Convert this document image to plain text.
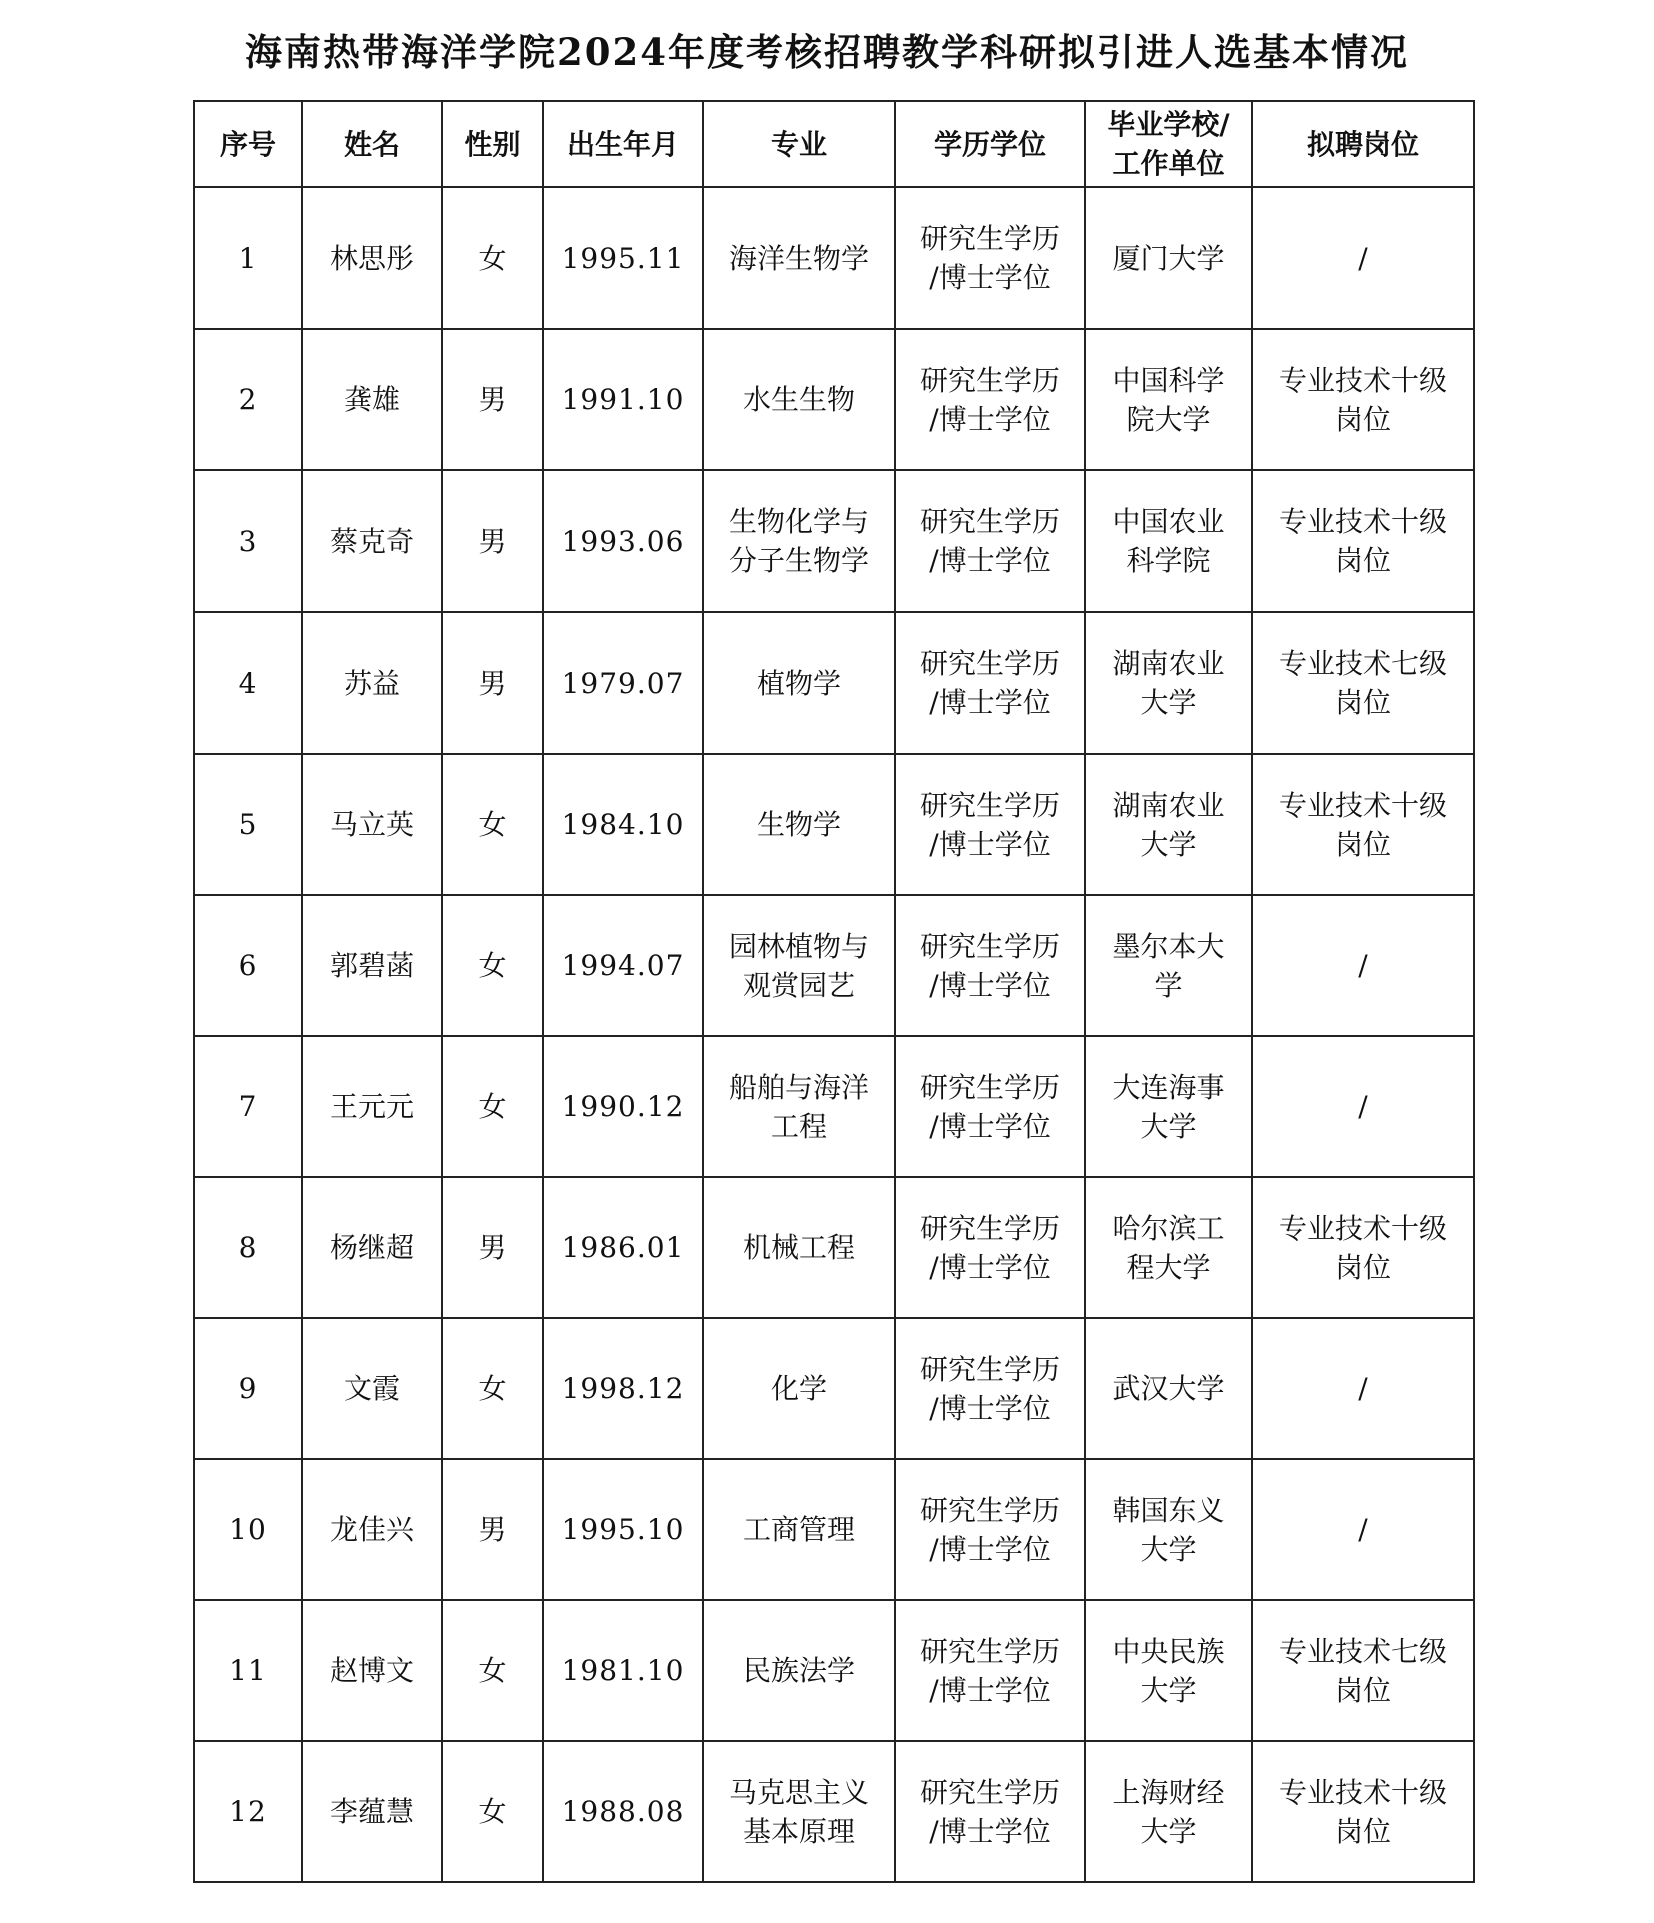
海南热带海洋学院2024年度考核招聘教学科研拟引进人选基本情况
序号	姓名	性别	出生年月	专业	学历学位	毕业学校/
工作单位	拟聘岗位
1	林思彤	女	1995.11	海洋生物学	研究生学历
/博士学位	厦门大学	/
2	龚雄	男	1991.10	水生生物	研究生学历
/博士学位	中国科学
院大学	专业技术十级
岗位
3	蔡克奇	男	1993.06	生物化学与
分子生物学	研究生学历
/博士学位	中国农业
科学院	专业技术十级
岗位
4	苏益	男	1979.07	植物学	研究生学历
/博士学位	湖南农业
大学	专业技术七级
岗位
5	马立英	女	1984.10	生物学	研究生学历
/博士学位	湖南农业
大学	专业技术十级
岗位
6	郭碧菡	女	1994.07	园林植物与
观赏园艺	研究生学历
/博士学位	墨尔本大
学	/
7	王元元	女	1990.12	船舶与海洋
工程	研究生学历
/博士学位	大连海事
大学	/
8	杨继超	男	1986.01	机械工程	研究生学历
/博士学位	哈尔滨工
程大学	专业技术十级
岗位
9	文霞	女	1998.12	化学	研究生学历
/博士学位	武汉大学	/
10	龙佳兴	男	1995.10	工商管理	研究生学历
/博士学位	韩国东义
大学	/
11	赵博文	女	1981.10	民族法学	研究生学历
/博士学位	中央民族
大学	专业技术七级
岗位
12	李蕴慧	女	1988.08	马克思主义
基本原理	研究生学历
/博士学位	上海财经
大学	专业技术十级
岗位
